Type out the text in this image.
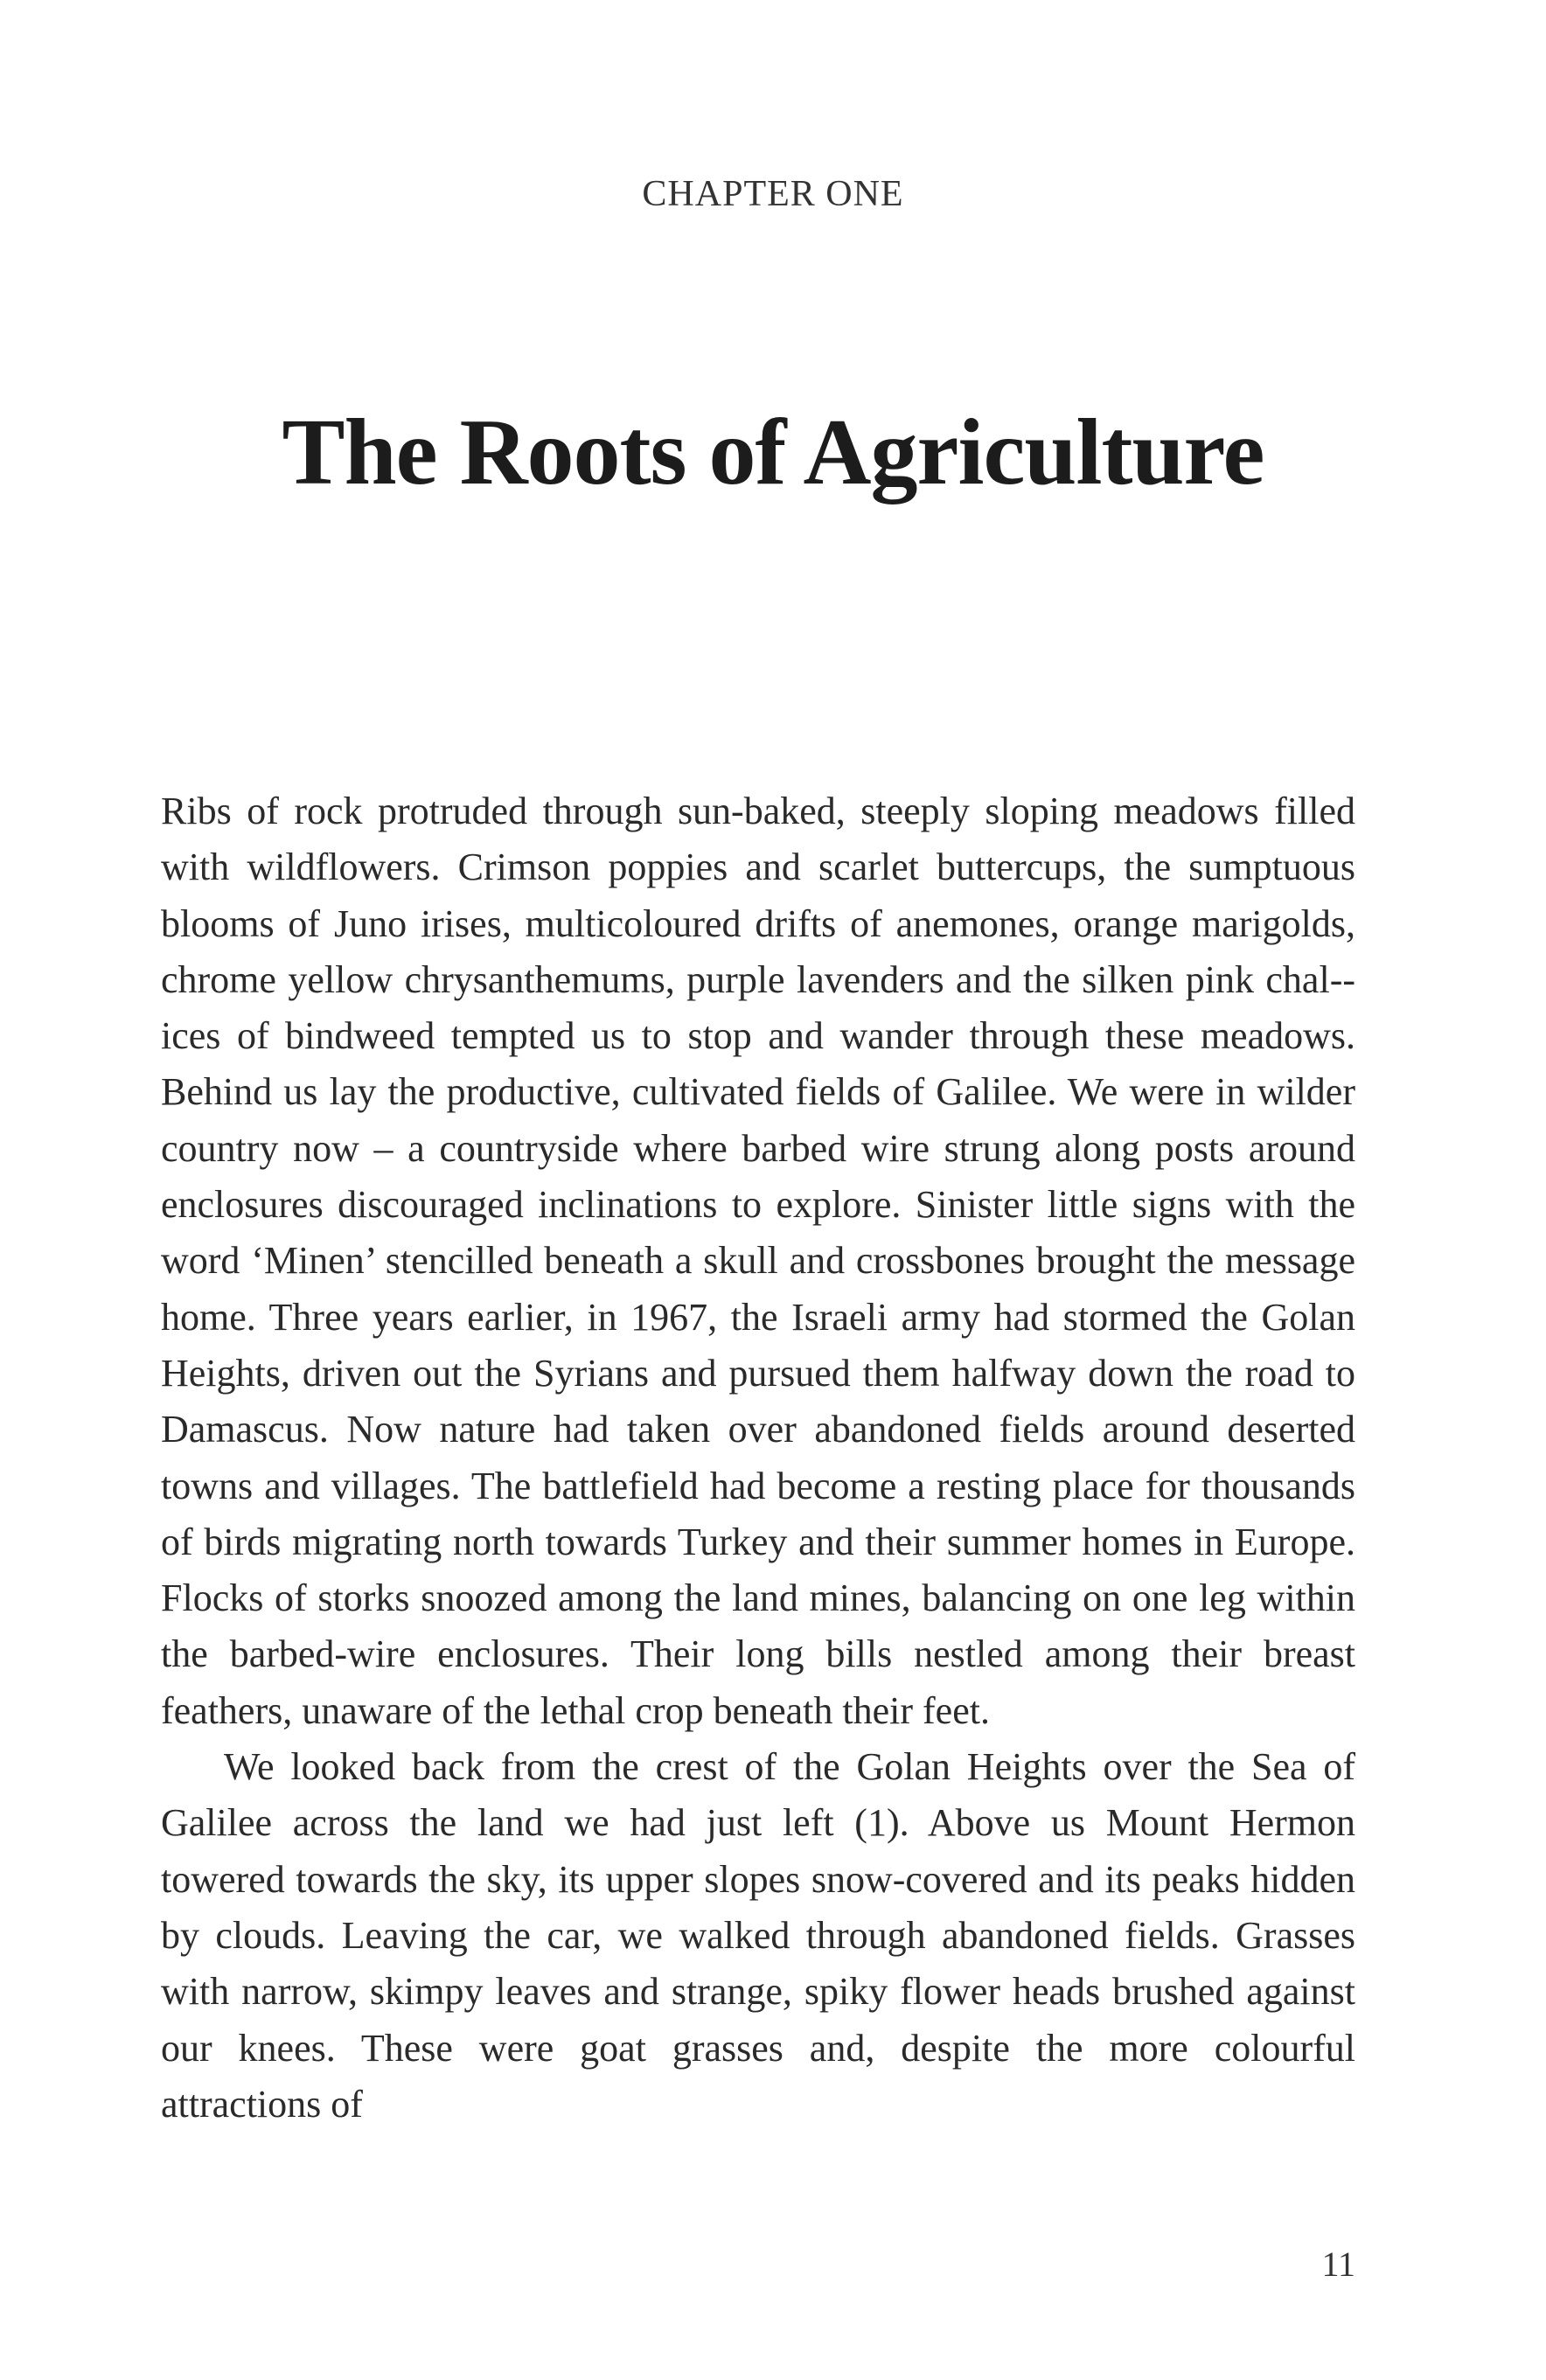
CHAPTER ONE
The Roots of Agriculture

Ribs of rock protruded through sun-baked, steeply sloping meadows filled with wildflowers. Crimson poppies and scarlet buttercups, the sumptuous blooms of Juno irises, multicoloured drifts of anemones, orange marigolds, chrome yellow chrysanthemums, purple lavenders and the silken pink chal-ices of bindweed tempted us to stop and wander through these meadows. Behind us lay the productive, cultivated fields of Galilee. We were in wilder country now – a countryside where barbed wire strung along posts around enclosures discouraged inclinations to explore. Sinister little signs with the word ‘Minen’ stencilled beneath a skull and crossbones brought the message home. Three years earlier, in 1967, the Israeli army had stormed the Golan Heights, driven out the Syrians and pursued them halfway down the road to Damascus. Now nature had taken over abandoned fields around deserted towns and villages. The battlefield had become a resting place for thousands of birds migrating north towards Turkey and their summer homes in Europe. Flocks of storks snoozed among the land mines, balancing on one leg within the barbed-wire enclosures. Their long bills nestled among their breast feathers, unaware of the lethal crop beneath their feet.

We looked back from the crest of the Golan Heights over the Sea of Galilee across the land we had just left (1). Above us Mount Hermon towered towards the sky, its upper slopes snow-covered and its peaks hidden by clouds. Leaving the car, we walked through abandoned fields. Grasses with narrow, skimpy leaves and strange, spiky flower heads brushed against our knees. These were goat grasses and, despite the more colourful attractions of

11
